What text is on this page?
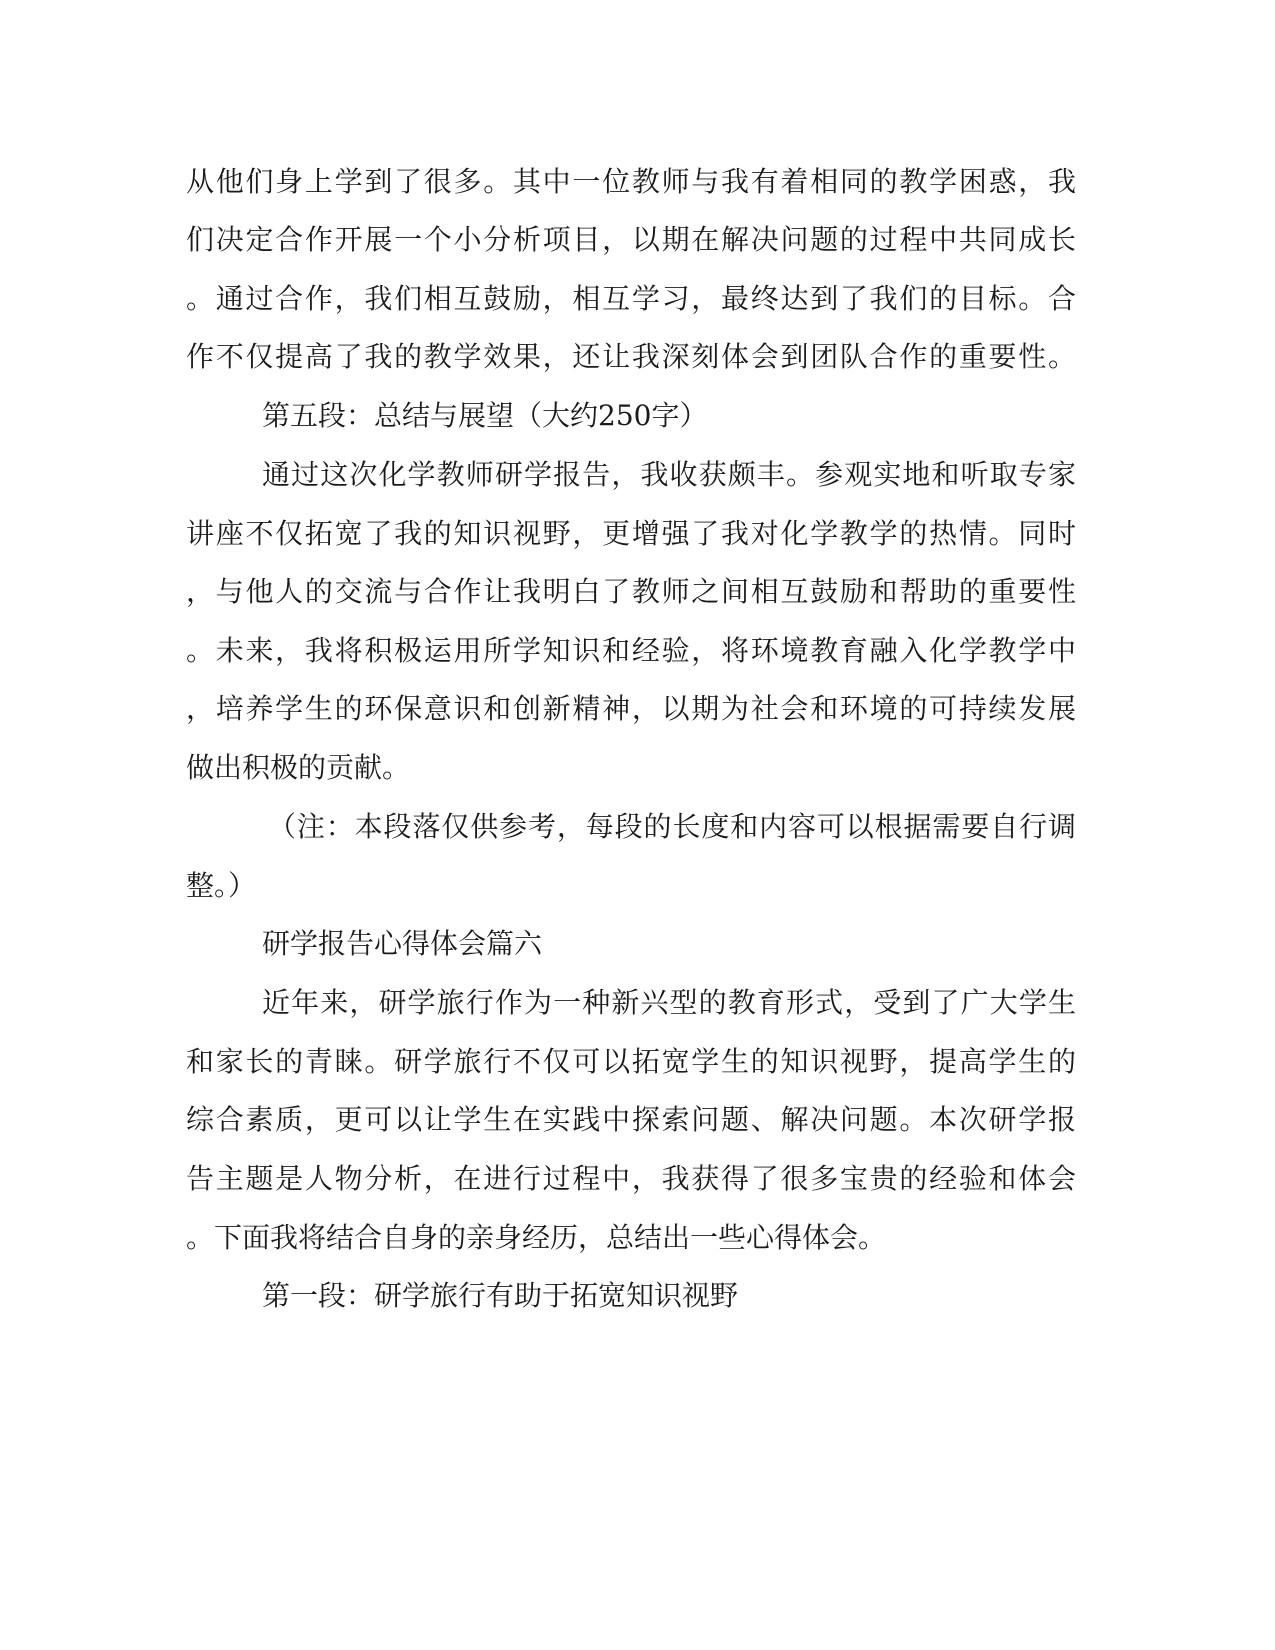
从他们身上学到了很多。其中一位教师与我有着相同的教学困惑，我
们决定合作开展一个小分析项目，以期在解决问题的过程中共同成长
。通过合作，我们相互鼓励，相互学习，最终达到了我们的目标。合
作不仅提高了我的教学效果，还让我深刻体会到团队合作的重要性。
第五段：总结与展望（大约250字）
通过这次化学教师研学报告，我收获颇丰。参观实地和听取专家
讲座不仅拓宽了我的知识视野，更增强了我对化学教学的热情。同时
，与他人的交流与合作让我明白了教师之间相互鼓励和帮助的重要性
。未来，我将积极运用所学知识和经验，将环境教育融入化学教学中
，培养学生的环保意识和创新精神，以期为社会和环境的可持续发展
做出积极的贡献。
（注：本段落仅供参考，每段的长度和内容可以根据需要自行调
整。）
研学报告心得体会篇六
近年来，研学旅行作为一种新兴型的教育形式，受到了广大学生
和家长的青睐。研学旅行不仅可以拓宽学生的知识视野，提高学生的
综合素质，更可以让学生在实践中探索问题、解决问题。本次研学报
告主题是人物分析，在进行过程中，我获得了很多宝贵的经验和体会
。下面我将结合自身的亲身经历，总结出一些心得体会。
第一段：研学旅行有助于拓宽知识视野
